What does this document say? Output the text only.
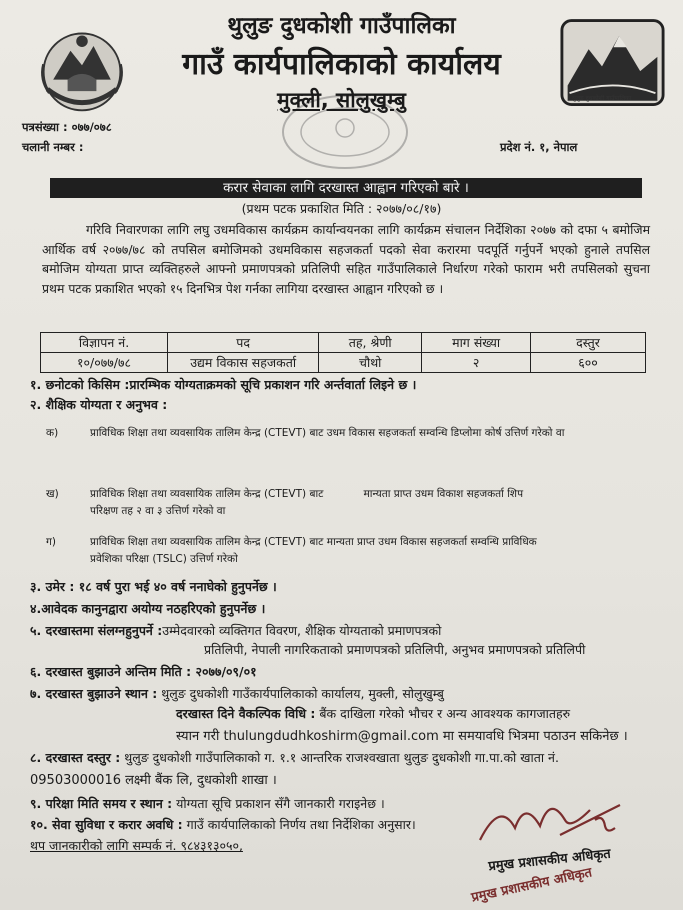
थुलुङ दुधकोशी गाउँपालिका
थुलुङ दुधकोशी गाउँपालिका
गाउँ कार्यपालिकाको कार्यालय
मुक्ली, सोलुखुम्बु
पत्रसंख्या : ०७७/०७८
चलानी नम्बर :	प्रदेश नं. १, नेपाल
करार सेवाका लागि दरखास्त आह्वान गरिएको बारे ।
(प्रथम पटक प्रकाशित मिति : २०७७/०८/१७)
गरिवि निवारणका लागि लघु उधमविकास कार्यक्रम कार्यान्वयनका लागि कार्यक्रम संचालन निर्देशिका २०७७ को दफा ५ बमोजिम आर्थिक वर्ष २०७७/७८ को तपसिल बमोजिमको उधमविकास सहजकर्ता पदको सेवा करारमा पदपूर्ति गर्नुपर्ने भएको हुनाले तपसिल बमोजिम योग्यता प्राप्त व्यक्तिहरुले आफ्नो प्रमाणपत्रको प्रतिलिपी सहित गाउँपालिकाले निर्धारण गरेको फाराम भरी तपसिलको सुचना प्रथम पटक प्रकाशित भएको १५ दिनभित्र पेश गर्नका लागिया दरखास्त आह्वान गरिएको छ ।
विज्ञापन नं.	पद	तह, श्रेणी	माग संख्या	दस्तुर
१०/०७७/७८	उद्यम विकास सहजकर्ता	चौथो	२	६००
१. छनोटको किसिम :प्रारम्भिक योग्यताक्रमको सूचि प्रकाशन गरि अर्न्तवार्ता लिइने छ ।
२. शैक्षिक योग्यता र अनुभव :
क)	प्राविधिक शिक्षा तथा व्यवसायिक तालिम केन्द्र (CTEVT) बाट उधम विकास सहजकर्ता सम्वन्धि डिप्लोमा कोर्ष उत्तिर्ण गरेको वा
ख)	प्राविधिक शिक्षा तथा व्यवसायिक तालिम केन्द्र (CTEVT) बाट            मान्यता प्राप्त उधम विकाश सहजकर्ता शिप
परिक्षण तह २ वा ३ उत्तिर्ण गरेको वा
ग)	प्राविधिक शिक्षा तथा व्यवसायिक तालिम केन्द्र (CTEVT) बाट मान्यता प्राप्त उधम विकास सहजकर्ता सम्वन्धि प्राविधिक
प्रवेशिका परिक्षा (TSLC) उत्तिर्ण गरेको
३. उमेर : १८ वर्ष पुरा भई ४० वर्ष ननाघेको हुनुपर्नेछ ।
४.आवेदक कानुनद्वारा अयोग्य नठहरिएको हुनुपर्नेछ ।
५. दरखास्तमा संलग्नहुनुपर्ने :उम्मेदवारको व्यक्तिगत विवरण, शैक्षिक योग्यताको प्रमाणपत्रको
प्रतिलिपी, नेपाली नागरिकताको प्रमाणपत्रको प्रतिलिपी, अनुभव प्रमाणपत्रको प्रतिलिपी
६. दरखास्त बुझाउने अन्तिम मिति : २०७७/०९/०१
७. दरखास्त बुझाउने स्थान : थुलुङ दुधकोशी गाउँकार्यपालिकाको कार्यालय, मुक्ली, सोलुखुम्बु
दरखास्त दिने वैकल्पिक विधि : बैंक दाखिला गरेको भौचर र अन्य आवश्यक कागजातहरु
स्यान गरी thulungdudhkoshirm@gmail.com मा समयावधि भित्रमा पठाउन सकिनेछ ।
८. दरखास्त दस्तुर : थुलुङ दुधकोशी गाउँपालिकाको ग. १.१ आन्तरिक राजश्वखाता थुलुङ दुधकोशी गा.पा.को खाता नं.
09503000016 लक्ष्मी बैंक लि, दुधकोशी शाखा ।
९. परिक्षा मिति समय र स्थान : योग्यता सूचि प्रकाशन सँगै जानकारी गराइनेछ ।
१०. सेवा सुविधा र करार अवधि : गाउँ कार्यपालिकाको निर्णय तथा निर्देशिका अनुसार।
थप जानकारीको लागि सम्पर्क नं. ९८४३१३०५०,
प्रमुख प्रशासकीय अधिकृत
प्रमुख प्रशासकीय अधिकृत
